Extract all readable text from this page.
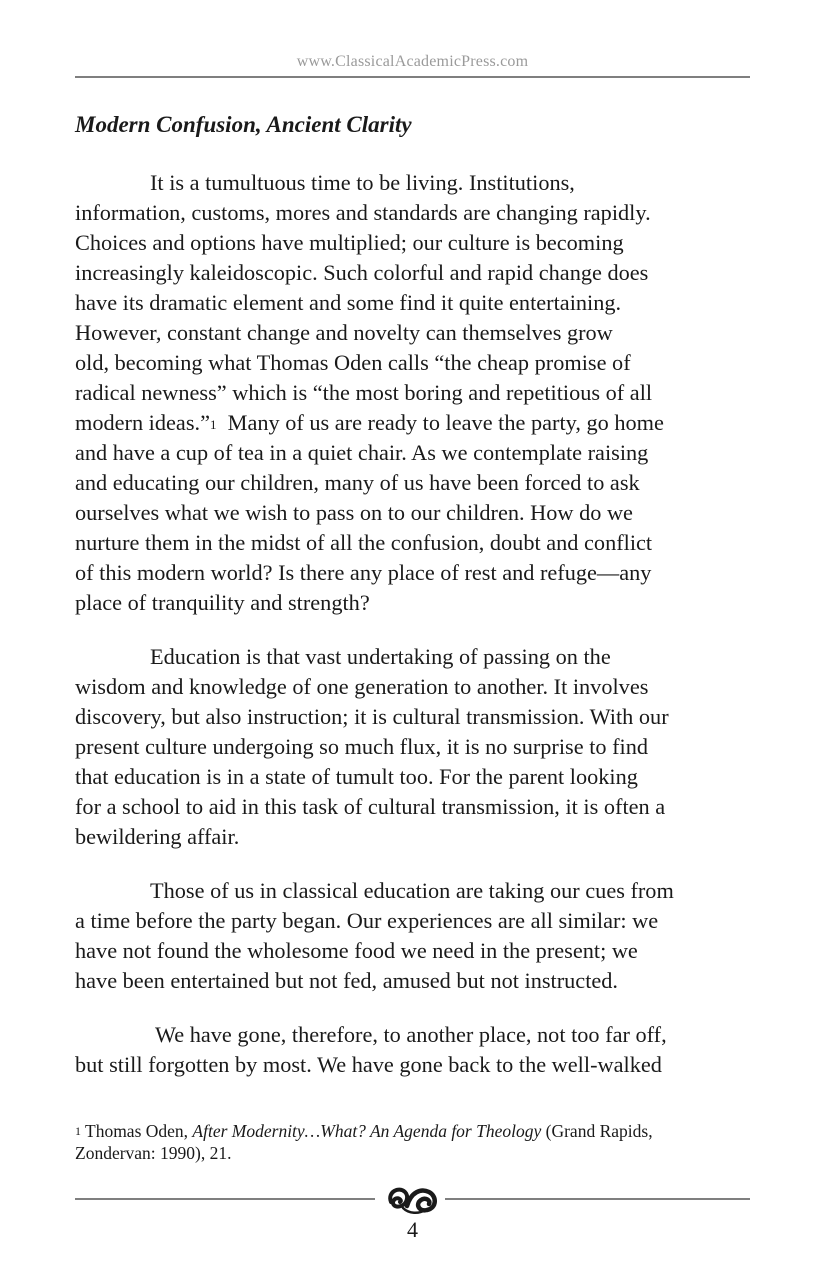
www.ClassicalAcademicPress.com
Modern Confusion, Ancient Clarity

It is a tumultuous time to be living. Institutions,
information, customs, mores and standards are changing rapidly.
Choices and options have multiplied; our culture is becoming
increasingly kaleidoscopic. Such colorful and rapid change does
have its dramatic element and some find it quite entertaining.
However, constant change and novelty can themselves grow
old, becoming what Thomas Oden calls “the cheap promise of
radical newness” which is “the most boring and repetitious of all
modern ideas.”$^1$  Many of us are ready to leave the party, go home
and have a cup of tea in a quiet chair. As we contemplate raising
and educating our children, many of us have been forced to ask
ourselves what we wish to pass on to our children. How do we
nurture them in the midst of all the confusion, doubt and conflict
of this modern world? Is there any place of rest and refuge—any
place of tranquility and strength?

Education is that vast undertaking of passing on the
wisdom and knowledge of one generation to another. It involves
discovery, but also instruction; it is cultural transmission. With our
present culture undergoing so much flux, it is no surprise to find
that education is in a state of tumult too. For the parent looking
for a school to aid in this task of cultural transmission, it is often a
bewildering affair.

Those of us in classical education are taking our cues from
a time before the party began. Our experiences are all similar: we
have not found the wholesome food we need in the present; we
have been entertained but not fed, amused but not instructed.

We have gone, therefore, to another place, not too far off,
but still forgotten by most. We have gone back to the well-walked

$^1$ Thomas Oden, After Modernity…What? An Agenda for Theology (Grand Rapids,
Zondervan: 1990), 21.
4
